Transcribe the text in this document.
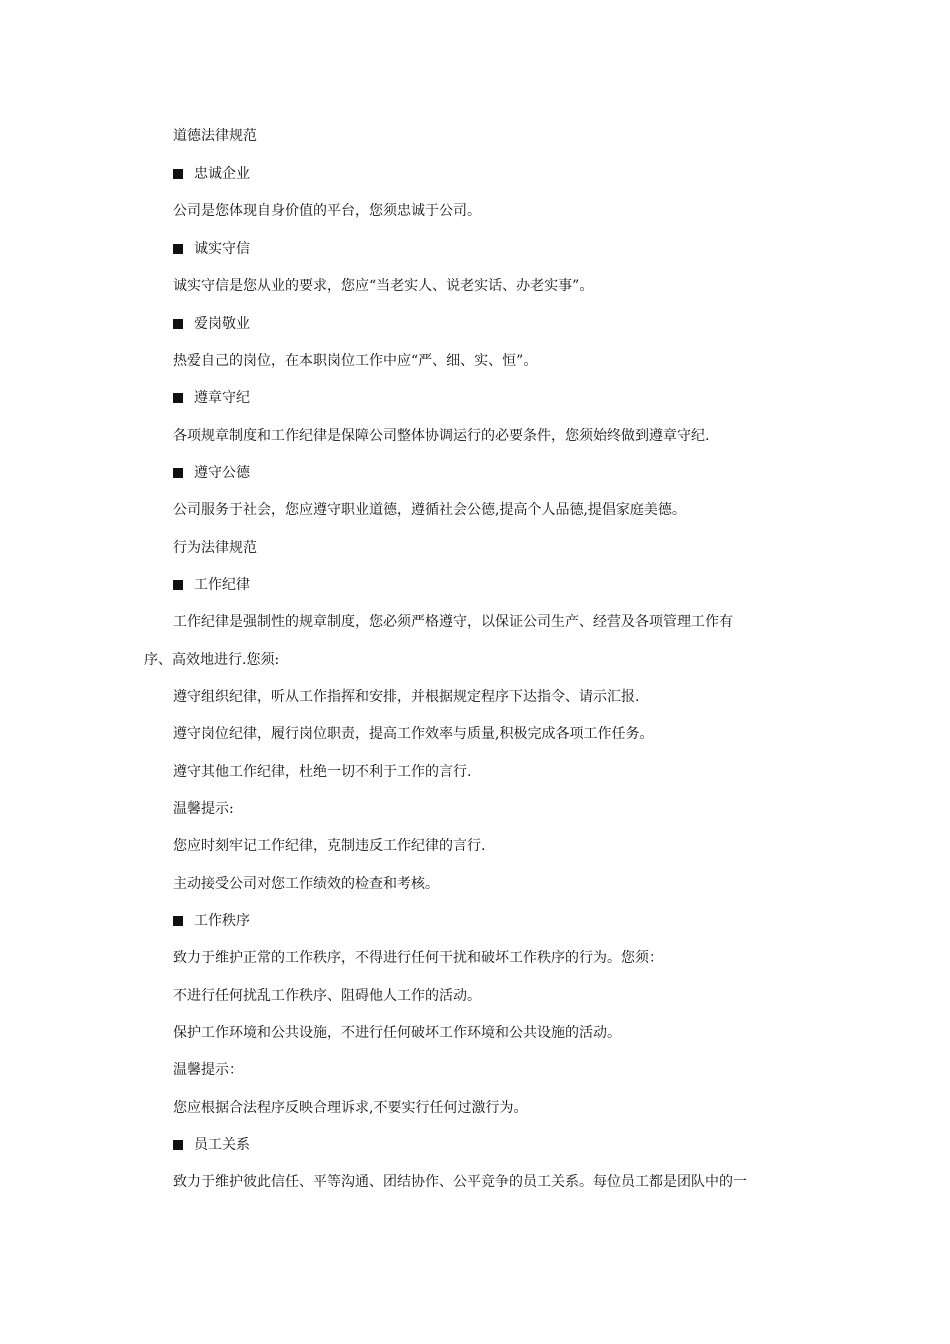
道德法律规范
忠诚企业
公司是您体现自身价值的平台，您须忠诚于公司。
诚实守信
诚实守信是您从业的要求，您应“当老实人、说老实话、办老实事”。
爱岗敬业
热爱自己的岗位，在本职岗位工作中应“严、细、实、恒”。
遵章守纪
各项规章制度和工作纪律是保障公司整体协调运行的必要条件，您须始终做到遵章守纪.
遵守公德
公司服务于社会，您应遵守职业道德，遵循社会公德,提高个人品德,提倡家庭美德。
行为法律规范
工作纪律
工作纪律是强制性的规章制度，您必须严格遵守，以保证公司生产、经营及各项管理工作有
序、高效地进行.您须:
遵守组织纪律，听从工作指挥和安排，并根据规定程序下达指令、请示汇报.
遵守岗位纪律，履行岗位职责，提高工作效率与质量,积极完成各项工作任务。
遵守其他工作纪律，杜绝一切不利于工作的言行.
温馨提示:
您应时刻牢记工作纪律，克制违反工作纪律的言行.
主动接受公司对您工作绩效的检查和考核。
工作秩序
致力于维护正常的工作秩序，不得进行任何干扰和破坏工作秩序的行为。您须：
不进行任何扰乱工作秩序、阻碍他人工作的活动。
保护工作环境和公共设施，不进行任何破坏工作环境和公共设施的活动。
温馨提示：
您应根据合法程序反映合理诉求,不要实行任何过激行为。
员工关系
致力于维护彼此信任、平等沟通、团结协作、公平竞争的员工关系。每位员工都是团队中的一
